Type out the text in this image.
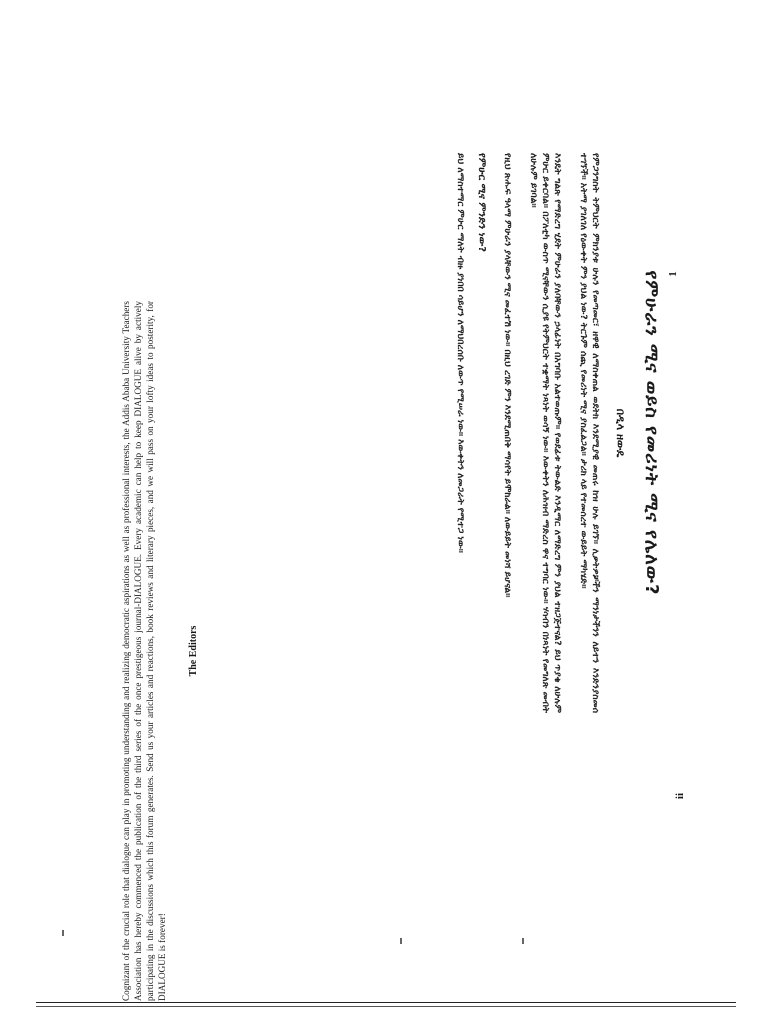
Cognizant of the crucial role that dialogue can play in promoting understanding and realizing democratic aspirations as well as professional interests, the Addis Ababa University Teachers Association has hereby commenced the publication of the third series of the once prestigeous journal-DIALOGUE. Every academic can help to keep DIALOGUE alive by actively participating in the discussions which this forum generates. Send us your articles and reactions, book reviews and literary pieces, and we will pass on your lofty ideas to posterity, for DIALOGUE is forever!

The Editors
ii
የምሁራን ሚና ወይስ የመሪነት ሚና የሌለው?
በዲላ ዘውዴ

የምጋንግስት ትምህርት ምክንያቱ ሁሉን የመጣመር፣ ዘዋዊ ለማስቀጠል ወደትክ እንደሚያዊ መጠሩ ከዝ ሁሉ ይገኘ። ሊቃትዎቻችን ማንነታችንን ለይተን እንድንያስመሰ ተገኘች። አትማ ያገለገለ የዕውቀት ምን ያህል ነው? ትርጉም ሰጪ የመሪነት ሚና ያስፈልጋል። ታሪክ ላይ የተመሰረተ ውይይት ማካሄድ።

እንዴት ግልጽ የማድረግ ሂደት ምሁራን ያለባቸውን ኃላፊነት በአግባቡ አልተወጡም። የወደፊቱ ትውልድ እንዲማር ለማድረግ ምን ያህል ተዘጋጅተናል? ይህ ጥያቄ ለሁሉም ምሁር ይቀርባል። በፖለቲካ ውስጥ ሚናቸውን ሲያዩ የትምህርት ተቋማት ነጻነት ወሳኝ ነው። እውቀትን ለሕዝብ ማድረስ ዋና ተግባር ነው። ሃሳብን በነጻነት የመግለጽ መብት ለሁሉም ይገባል።

የዚህ ጽሑፍ ዓላማ ምሁራን ያላቸውን ሚና መፈተሽ ነው። በዚህ ረገድ ምን እንደሚጠበቅ ማሳየት ይሞከራል። ለውይይት መነሻ ይሆናል።

የምሁር ሚና ምንድን ነው?

ይህ ለማስተማር ምሁር ማለት ብዙ ያነበበ ሳይሆን ለማህበረሰቡ ለውጥ የሚሠራ ነው። እውቀትን ለመጋራት የሚተጋ ነው።	1
